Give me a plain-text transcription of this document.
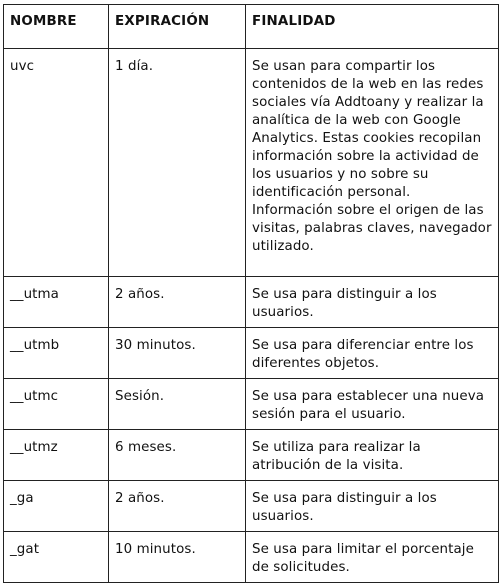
NOMBRE	EXPIRACIÓN	FINALIDAD
uvc	1 día.	Se usan para compartir los contenidos de la web en las redes sociales vía Addtoany y realizar la analítica de la web con Google Analytics. Estas cookies recopilan información sobre la actividad de los usuarios y no sobre su identificación personal. Información sobre el origen de las visitas, palabras claves, navegador utilizado.
__utma	2 años.	Se usa para distinguir a los usuarios.
__utmb	30 minutos.	Se usa para diferenciar entre los diferentes objetos.
__utmc	Sesión.	Se usa para establecer una nueva sesión para el usuario.
__utmz	6 meses.	Se utiliza para realizar la atribución de la visita.
_ga	2 años.	Se usa para distinguir a los usuarios.
_gat	10 minutos.	Se usa para limitar el porcentaje de solicitudes.
